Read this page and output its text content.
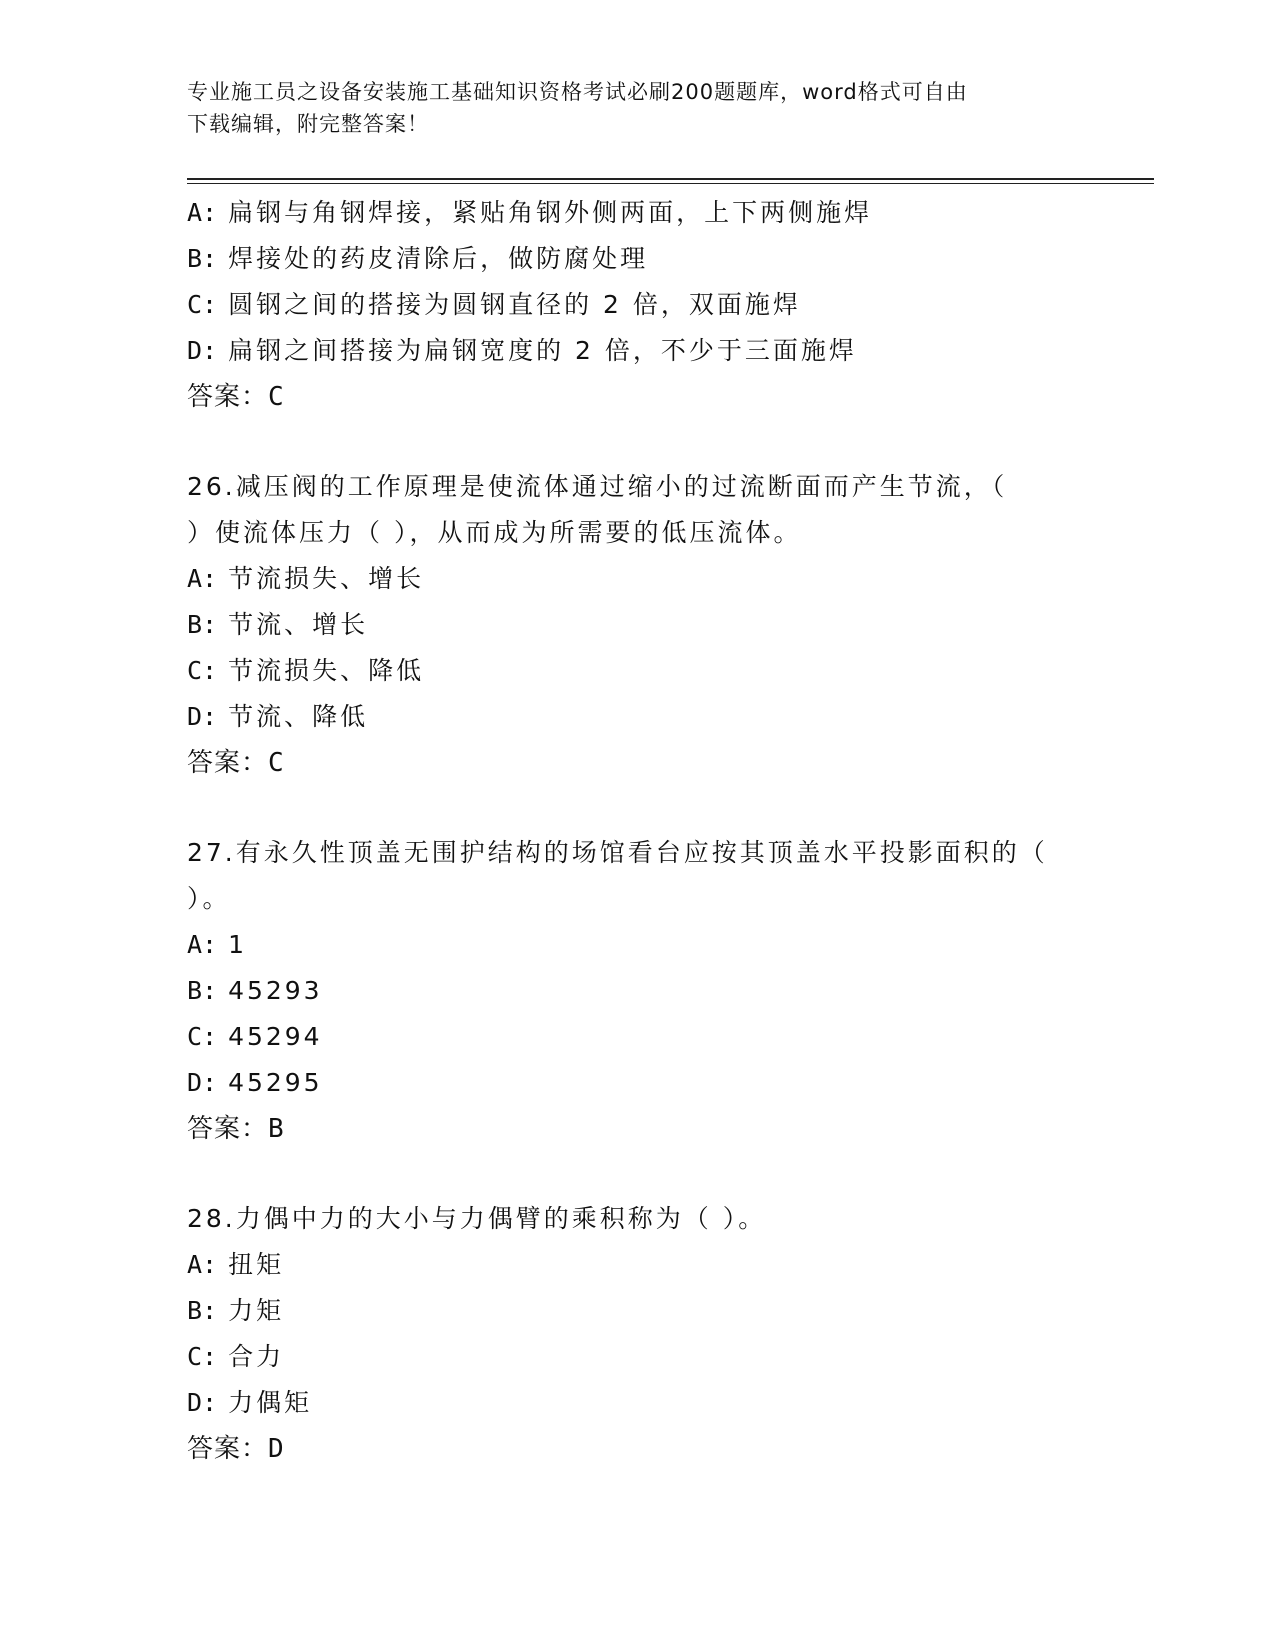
专业施工员之设备安装施工基础知识资格考试必刷200题题库，word格式可自由
下载编辑，附完整答案！
A: 扁钢与角钢焊接，紧贴角钢外侧两面，上下两侧施焊
B: 焊接处的药皮清除后，做防腐处理
C: 圆钢之间的搭接为圆钢直径的 2 倍，双面施焊
D: 扁钢之间搭接为扁钢宽度的 2 倍，不少于三面施焊
答案：C
26.减压阀的工作原理是使流体通过缩小的过流断面而产生节流，（
）使流体压力（ ），从而成为所需要的低压流体。
A: 节流损失、增长
B: 节流、增长
C: 节流损失、降低
D: 节流、降低
答案：C
27.有永久性顶盖无围护结构的场馆看台应按其顶盖水平投影面积的（
）。
A: 1
B: 45293
C: 45294
D: 45295
答案：B
28.力偶中力的大小与力偶臂的乘积称为（ ）。
A: 扭矩
B: 力矩
C: 合力
D: 力偶矩
答案：D
